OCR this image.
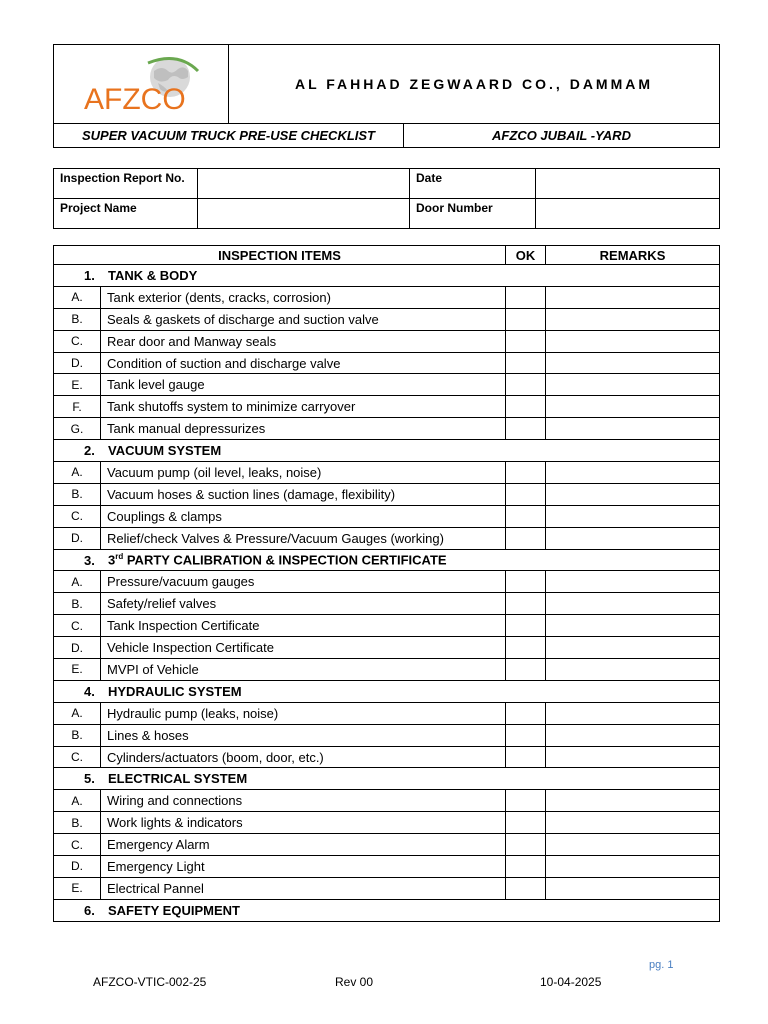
AFZCO	AL FAHHAD ZEGWAARD CO., DAMMAM
SUPER VACUUM TRUCK PRE-USE CHECKLIST	AFZCO JUBAIL -YARD
Inspection Report No.		Date	
Project Name		Door Number	
INSPECTION ITEMS		OK	REMARKS
1. TANK & BODY			
A.	Tank exterior (dents, cracks, corrosion)		
B.	Seals & gaskets of discharge and suction valve		
C.	Rear door and Manway seals		
D.	Condition of suction and discharge valve		
E.	Tank level gauge		
F.	Tank shutoffs system to minimize carryover		
G.	Tank manual depressurizes		
2. VACUUM SYSTEM			
A.	Vacuum pump (oil level, leaks, noise)		
B.	Vacuum hoses & suction lines (damage, flexibility)		
C.	Couplings & clamps		
D.	Relief/check Valves & Pressure/Vacuum Gauges (working)		
3. 3rd PARTY CALIBRATION & INSPECTION CERTIFICATE			
A.	Pressure/vacuum gauges		
B.	Safety/relief valves		
C.	Tank Inspection Certificate		
D.	Vehicle Inspection Certificate		
E.	MVPI of Vehicle		
4. HYDRAULIC SYSTEM			
A.	Hydraulic pump (leaks, noise)		
B.	Lines & hoses		
C.	Cylinders/actuators (boom, door, etc.)		
5. ELECTRICAL SYSTEM			
A.	Wiring and connections		
B.	Work lights & indicators		
C.	Emergency Alarm		
D.	Emergency Light		
E.	Electrical Pannel		
6. SAFETY EQUIPMENT			
pg. 1
AFZCO-VTIC-002-25	Rev 00	10-04-2025
